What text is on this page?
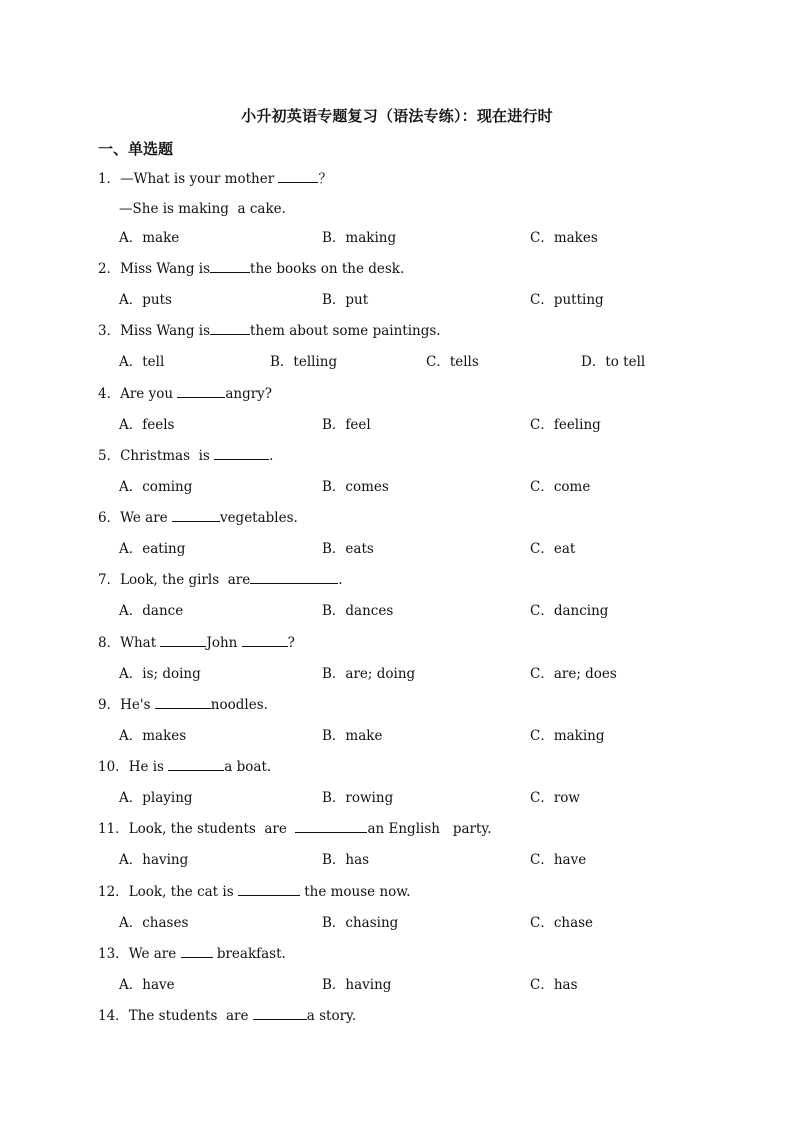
小升初英语专题复习（语法专练）：现在进行时
一、单选题
1．—What is your mother	？
—She is making  a cake.
A．make	B．making	C．makes
2．Miss Wang is	the books on the desk.
A．puts	B．put	C．putting
3．Miss Wang is	them about some paintings.
A．tell	B．telling	C．tells	D．to tell
4．Are you	angry?
A．feels	B．feel	C．feeling
5．Christmas  is	.
A．coming	B．comes	C．come
6．We are	vegetables.
A．eating	B．eats	C．eat
7．Look, the girls  are	.
A．dance	B．dances	C．dancing
8．What	John	?
A．is; doing	B．are; doing	C．are; does
9．He's	noodles.
A．makes	B．make	C．making
10．He is	a boat.
A．playing	B．rowing	C．row
11．Look, the students  are	an English   party.
A．having	B．has	C．have
12．Look, the cat is	the mouse now.
A．chases	B．chasing	C．chase
13．We are  breakfast.
A．have	B．having	C．has
14．The students  are	a story.
